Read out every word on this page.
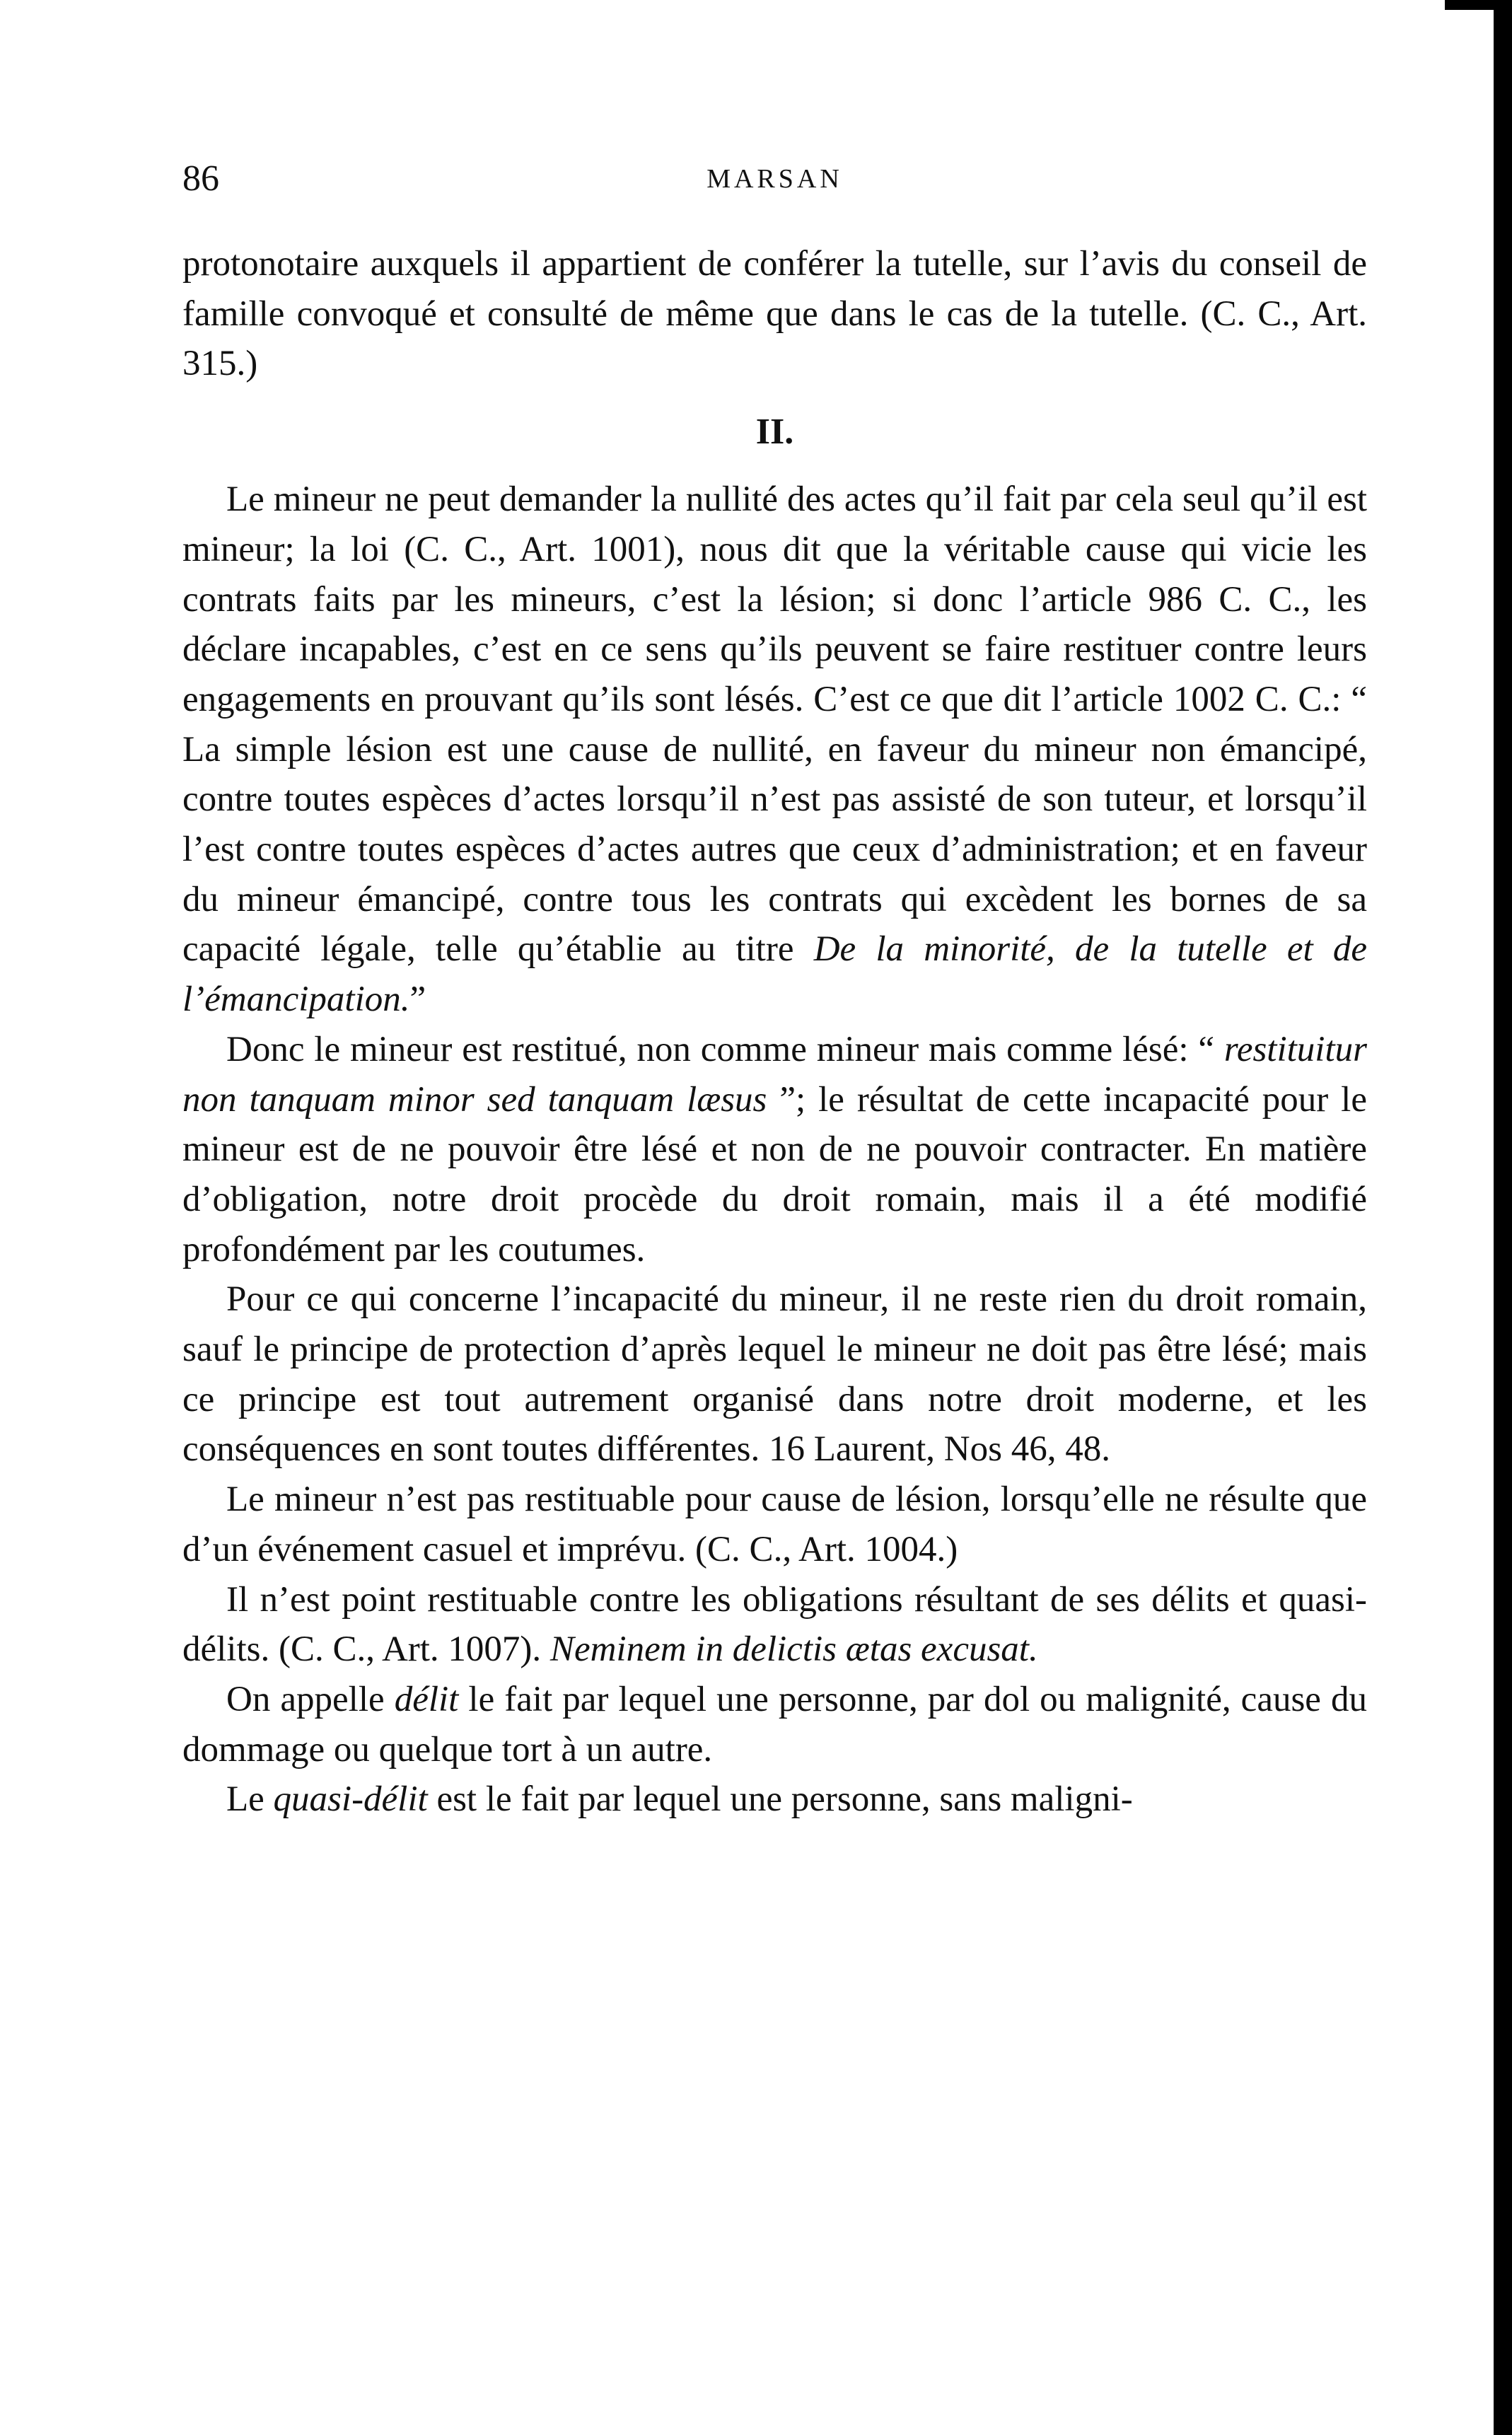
86	MARSAN

protonotaire auxquels il appartient de conférer la tutelle, sur l’avis du conseil de famille convoqué et consulté de même que dans le cas de la tutelle. (C. C., Art. 315.)

II.

Le mineur ne peut demander la nullité des actes qu’il fait par cela seul qu’il est mineur; la loi (C. C., Art. 1001), nous dit que la véritable cause qui vicie les contrats faits par les mineurs, c’est la lésion; si donc l’article 986 C. C., les déclare incapables, c’est en ce sens qu’ils peuvent se faire restituer contre leurs engagements en prouvant qu’ils sont lésés. C’est ce que dit l’article 1002 C. C.: “ La simple lésion est une cause de nullité, en faveur du mineur non émancipé, contre toutes espèces d’actes lorsqu’il n’est pas assisté de son tuteur, et lorsqu’il l’est contre toutes espèces d’actes autres que ceux d’administration; et en faveur du mineur émancipé, contre tous les contrats qui excèdent les bornes de sa capacité légale, telle qu’établie au titre De la minorité, de la tutelle et de l’émancipation.”

Donc le mineur est restitué, non comme mineur mais comme lésé: “ restituitur non tanquam minor sed tanquam læsus ”; le résultat de cette incapacité pour le mineur est de ne pouvoir être lésé et non de ne pouvoir contracter. En matière d’obligation, notre droit procède du droit romain, mais il a été modifié profondément par les coutumes.

Pour ce qui concerne l’incapacité du mineur, il ne reste rien du droit romain, sauf le principe de protection d’après lequel le mineur ne doit pas être lésé; mais ce principe est tout autrement organisé dans notre droit moderne, et les conséquences en sont toutes différentes. 16 Laurent, Nos 46, 48.

Le mineur n’est pas restituable pour cause de lésion, lorsqu’elle ne résulte que d’un événement casuel et imprévu. (C. C., Art. 1004.)

Il n’est point restituable contre les obligations résultant de ses délits et quasi-délits. (C. C., Art. 1007). Neminem in delictis ætas excusat.

On appelle délit le fait par lequel une personne, par dol ou malignité, cause du dommage ou quelque tort à un autre.

Le quasi-délit est le fait par lequel une personne, sans maligni-
